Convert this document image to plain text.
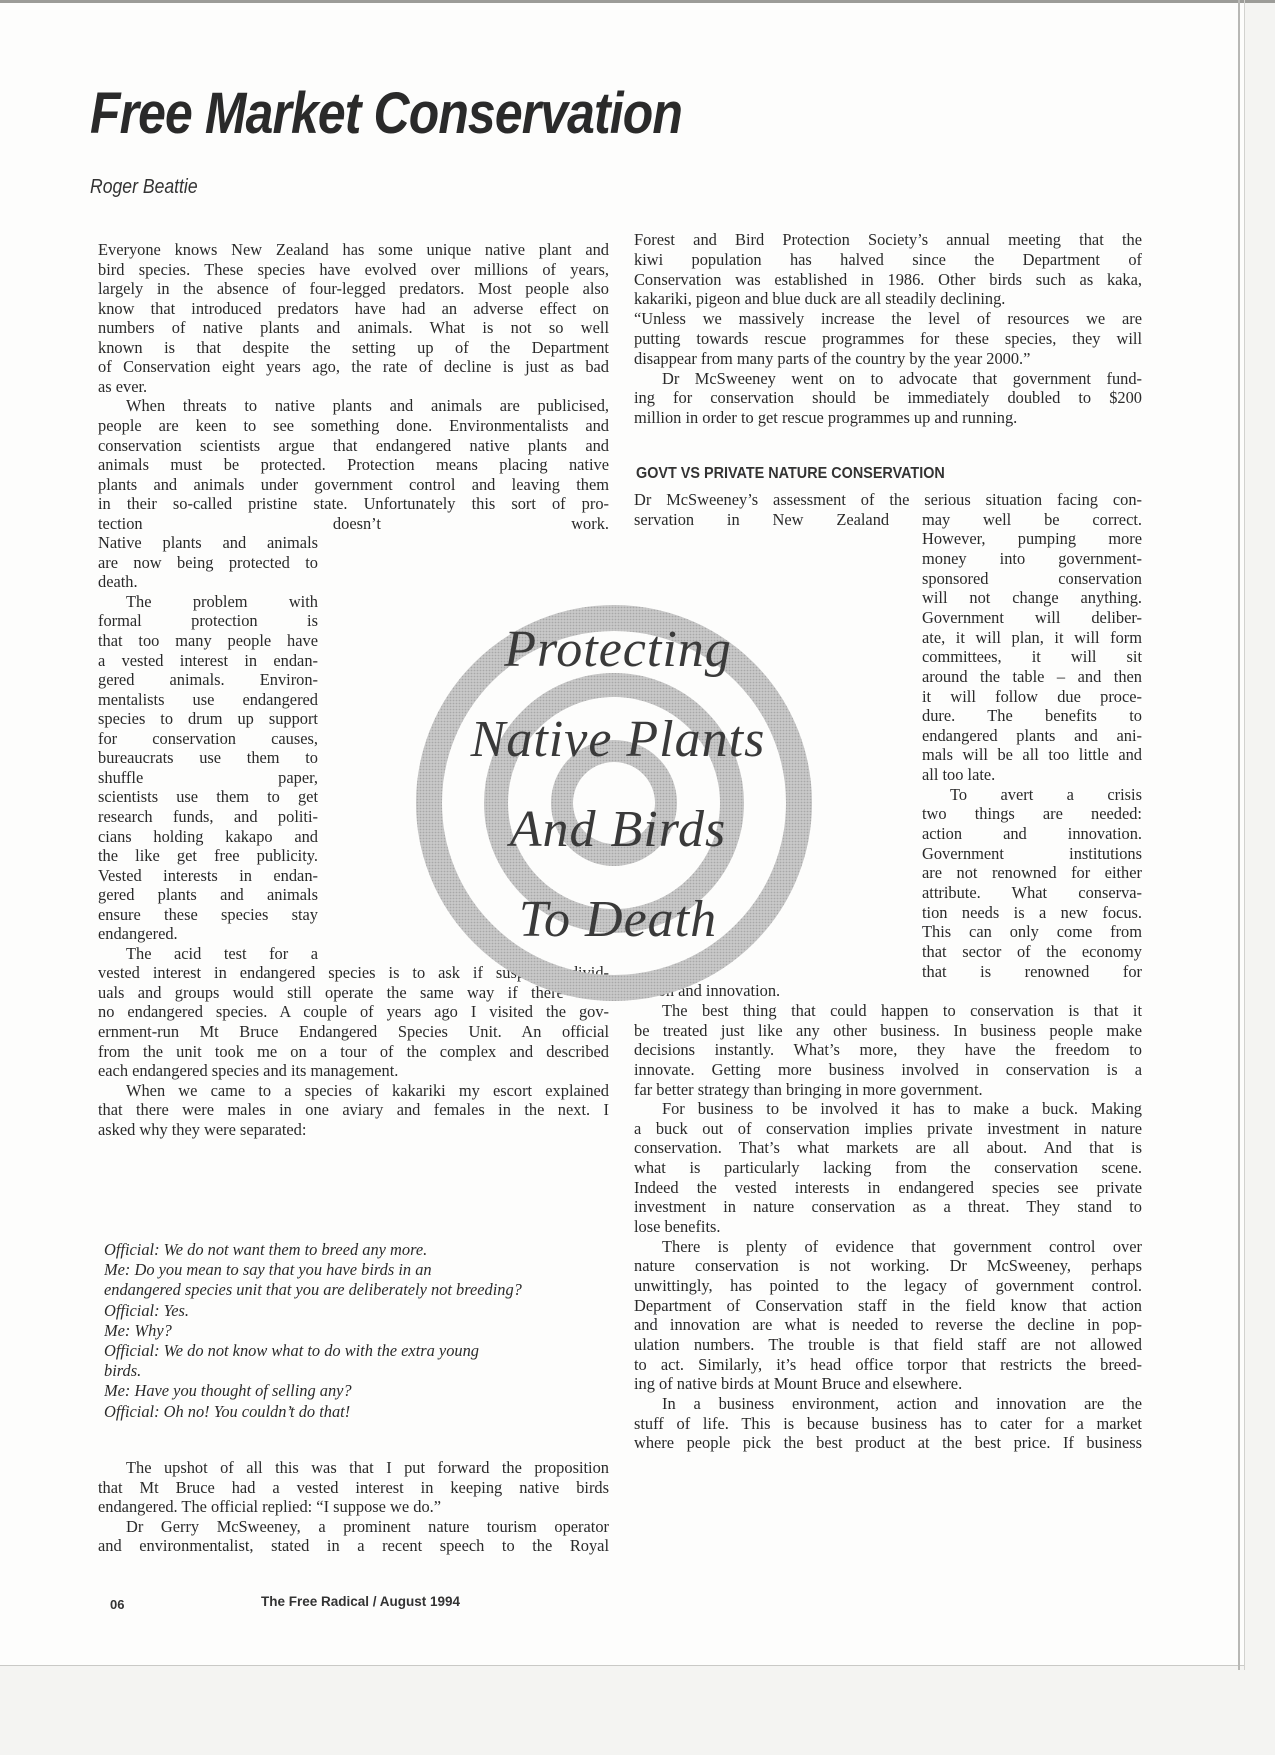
Free Market Conservation
Roger Beattie
Everyone knows New Zealand has some unique native plant and
bird species. These species have evolved over millions of years,
largely in the absence of four-legged predators. Most people also
know that introduced predators have had an adverse effect on
numbers of native plants and animals. What is not so well
known is that despite the setting up of the Department
of Conservation eight years ago, the rate of decline is just as bad
as ever.
When threats to native plants and animals are publicised,
people are keen to see something done. Environmentalists and
conservation scientists argue that endangered native plants and
animals must be protected. Protection means placing native
plants and animals under government control and leaving them
in their so-called pristine state. Unfortunately this sort of pro-
tection doesn’t work.
Native plants and animals
are now being protected to
death.
The problem with
formal protection is
that too many people have
a vested interest in endan-
gered animals. Environ-
mentalists use endangered
species to drum up support
for conservation causes,
bureaucrats use them to
shuffle paper,
scientists use them to get
research funds, and politi-
cians holding kakapo and
the like get free publicity.
Vested interests in endan-
gered plants and animals
ensure these species stay
endangered.
The acid test for a
vested interest in endangered species is to ask if suspect individ-
uals and groups would still operate the same way if there were
no endangered species. A couple of years ago I visited the gov-
ernment-run Mt Bruce Endangered Species Unit. An official
from the unit took me on a tour of the complex and described
each endangered species and its management.
When we came to a species of kakariki my escort explained
that there were males in one aviary and females in the next. I
asked why they were separated:
Official: We do not want them to breed any more.
Me: Do you mean to say that you have birds in an
endangered species unit that you are deliberately not breeding?
Official: Yes.
Me: Why?
Official: We do not know what to do with the extra young
birds.
Me: Have you thought of selling any?
Official: Oh no! You couldn’t do that!
The upshot of all this was that I put forward the proposition
that Mt Bruce had a vested interest in keeping native birds
endangered. The official replied: “I suppose we do.”
Dr Gerry McSweeney, a prominent nature tourism operator
and environmentalist, stated in a recent speech to the Royal
Forest and Bird Protection Society’s annual meeting that the
kiwi population has halved since the Department of
Conservation was established in 1986. Other birds such as kaka,
kakariki, pigeon and blue duck are all steadily declining.
“Unless we massively increase the level of resources we are
putting towards rescue programmes for these species, they will
disappear from many parts of the country by the year 2000.”
Dr McSweeney went on to advocate that government fund-
ing for conservation should be immediately doubled to $200
million in order to get rescue programmes up and running.
Dr McSweeney’s assessment of the serious situation facing con-
servation in New Zealand may well be correct.
However, pumping more
money into government-
sponsored conservation
will not change anything.
Government will deliber-
ate, it will plan, it will form
committees, it will sit
around the table – and then
it will follow due proce-
dure. The benefits to
endangered plants and ani-
mals will be all too little and
all too late.
To avert a crisis
two things are needed:
action and innovation.
Government institutions
are not renowned for either
attribute. What conserva-
tion needs is a new focus.
This can only come from
that sector of the economy
that is renowned for
action and innovation.
The best thing that could happen to conservation is that it
be treated just like any other business. In business people make
decisions instantly. What’s more, they have the freedom to
innovate. Getting more business involved in conservation is a
far better strategy than bringing in more government.
For business to be involved it has to make a buck. Making
a buck out of conservation implies private investment in nature
conservation. That’s what markets are all about. And that is
what is particularly lacking from the conservation scene.
Indeed the vested interests in endangered species see private
investment in nature conservation as a threat. They stand to
lose benefits.
There is plenty of evidence that government control over
nature conservation is not working. Dr McSweeney, perhaps
unwittingly, has pointed to the legacy of government control.
Department of Conservation staff in the field know that action
and innovation are what is needed to reverse the decline in pop-
ulation numbers. The trouble is that field staff are not allowed
to act. Similarly, it’s head office torpor that restricts the breed-
ing of native birds at Mount Bruce and elsewhere.
In a business environment, action and innovation are the
stuff of life. This is because business has to cater for a market
where people pick the best product at the best price. If business
GOVT VS PRIVATE NATURE CONSERVATION
Protecting
Native Plants
And Birds
To Death
06	The Free Radical / August 1994
